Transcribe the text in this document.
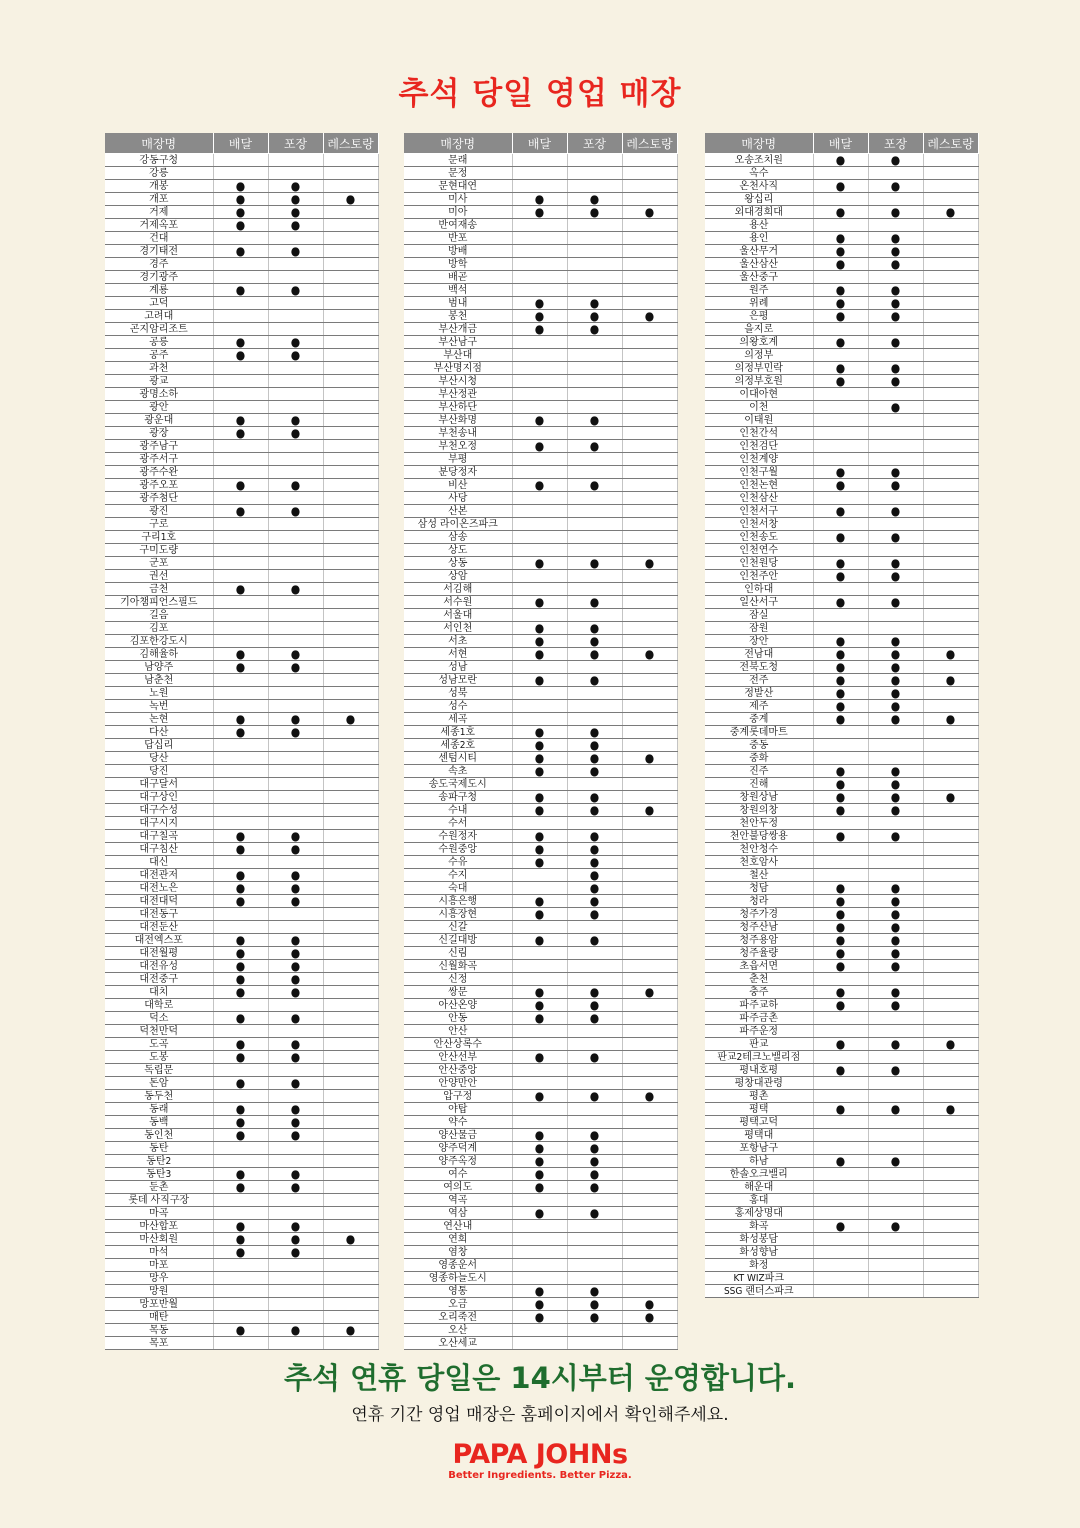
추석 당일 영업 매장
매장명	배달	포장	레스토랑
강동구청			
강릉			
개봉	●	●	
개포	●	●	●
거제	●	●	
거제옥포	●	●	
건대			
경기태전	●	●	
경주			
경기광주			
계룡	●	●	
고덕			
고려대			
곤지암리조트			
공릉	●	●	
공주	●	●	
과천			
광교			
광명소하			
광안			
광운대	●	●	
광장	●	●	
광주남구			
광주서구			
광주수완			
광주오포	●	●	
광주첨단			
광진	●	●	
구로			
구리1호			
구미도량			
군포			
권선			
금천	●	●	
기아챔피언스필드			
길음			
김포			
김포한강도시			
김해율하	●	●	
남양주	●	●	
남춘천			
노원			
녹번			
논현	●	●	●
다산	●	●	
답십리			
당산			
당진			
대구달서			
대구상인			
대구수성			
대구시지			
대구칠곡	●	●	
대구침산	●	●	
대신			
대전관저	●	●	
대전노은	●	●	
대전대덕	●	●	
대전동구			
대전둔산			
대전엑스포	●	●	
대전월평	●	●	
대전유성	●	●	
대전중구	●	●	
대치	●	●	
대학로			
덕소	●	●	
덕천만덕			
도곡	●	●	
도봉	●	●	
독립문			
돈암	●	●	
동두천			
동래	●	●	
동백	●	●	
동인천	●	●	
동탄			
동탄2			
동탄3	●	●	
둔촌	●	●	
롯데 사직구장			
마곡			
마산합포	●	●	
마산회원	●	●	●
마석	●	●	
마포			
망우			
망원			
망포반월			
매탄			
목동	●	●	●
목포			
매장명	배달	포장	레스토랑
문래			
문정			
문현대연			
미사	●	●	
미아	●	●	●
반여재송			
반포			
방배			
방학			
배곧			
백석			
범내	●	●	
봉천	●	●	●
부산개금	●	●	
부산남구			
부산대			
부산명지점			
부산시청			
부산정관			
부산하단			
부산화명	●	●	
부천송내			
부천오정	●	●	
부평			
분당정자			
비산	●	●	
사당			
산본			
삼성 라이온즈파크			
삼송			
상도			
상동	●	●	●
상암			
서김해			
서수원	●	●	
서울대			
서인천	●	●	
서초	●	●	
서현	●	●	●
성남			
성남모란	●	●	
성북			
성수			
세곡			
세종1호	●	●	
세종2호	●	●	
센텀시티	●	●	●
속초	●	●	
송도국제도시			
송파구청	●	●	
수내	●	●	●
수서			
수원정자	●	●	
수원중앙	●	●	
수유	●	●	
수지		●	
숙대		●	
시흥은행	●	●	
시흥장현	●	●	
신갈			
신길대방	●	●	
신림			
신월화곡			
신정			
쌍문	●	●	●
아산온양	●	●	
안동	●	●	
안산			
안산상록수			
안산선부	●	●	
안산중앙			
안양만안			
압구정	●	●	●
야탑			
약수			
양산물금	●	●	
양주덕계	●	●	
양주옥정	●	●	
여수	●	●	
여의도	●	●	
역곡			
역삼	●	●	
연산내			
연희			
염창			
영종운서			
영종하늘도시			
영통	●	●	
오금	●	●	●
오리죽전	●	●	●
오산			
오산세교			
매장명	배달	포장	레스토랑
오송조치원	●	●	
옥수			
온천사직	●	●	
왕십리			
외대경희대	●	●	●
용산			
용인	●	●	
울산무거	●	●	
울산삼산	●	●	
울산중구			
원주	●	●	
위례	●	●	
은평	●	●	
을지로			
의왕호계	●	●	
의정부			
의정부민락	●	●	
의정부호원	●	●	
이대아현			
이천		●	
이태원			
인천간석			
인천검단			
인천계양			
인천구월	●	●	
인천논현	●	●	
인천삼산			
인천서구	●	●	
인천서창			
인천송도	●	●	
인천연수			
인천원당	●	●	
인천주안	●	●	
인하대			
일산서구	●	●	
잠실			
잠원			
장안	●	●	
전남대	●	●	●
전북도청	●	●	
전주	●	●	●
정발산	●	●	
제주	●	●	
중계	●	●	●
중계롯데마트			
중동			
중화			
진주	●	●	
진해	●	●	
창원상남	●	●	●
창원의창	●	●	
천안두정			
천안불당쌍용	●	●	
천안청수			
천호암사			
철산			
청담	●	●	
청라	●	●	
청주가경	●	●	
청주산남	●	●	
청주용암	●	●	
청주율량	●	●	
초읍서면	●	●	
춘천			
충주	●	●	
파주교하	●	●	
파주금촌			
파주운정			
판교	●	●	●
판교2테크노밸리점			
평내호평	●	●	
평창대관령			
평촌			
평택	●	●	●
평택고덕			
평택대			
포항남구			
하남	●	●	
한솔오크밸리			
해운대			
홍대			
홍제상명대			
화곡	●	●	
화성봉담			
화성향남			
화정			
KT WIZ파크			
SSG 랜더스파크			
추석 연휴 당일은 14시부터 운영합니다.
연휴 기간 영업 매장은 홈페이지에서 확인해주세요.
PAPA JOHNs
Better Ingredients. Better Pizza.
